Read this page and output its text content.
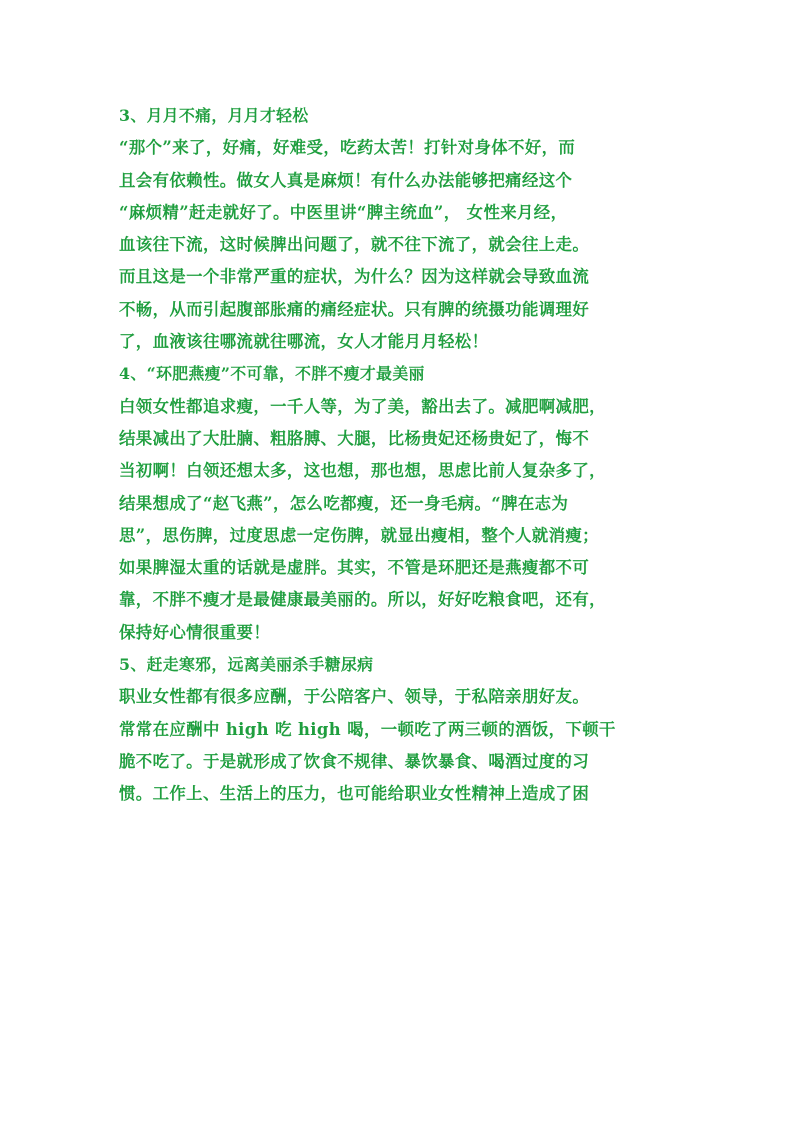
3、月月不痛，月月才轻松
“那个”来了，好痛，好难受，吃药太苦！打针对身体不好，而
且会有依赖性。做女人真是麻烦！有什么办法能够把痛经这个
“麻烦精”赶走就好了。中医里讲“脾主统血”， 女性来月经，
血该往下流，这时候脾出问题了，就不往下流了，就会往上走。
而且这是一个非常严重的症状，为什么？因为这样就会导致血流
不畅，从而引起腹部胀痛的痛经症状。只有脾的统摄功能调理好
了，血液该往哪流就往哪流，女人才能月月轻松！
4、“环肥燕瘦”不可靠，不胖不瘦才最美丽
白领女性都追求瘦，一千人等，为了美，豁出去了。减肥啊减肥，
结果减出了大肚腩、粗胳膊、大腿，比杨贵妃还杨贵妃了，悔不
当初啊！白领还想太多，这也想，那也想，思虑比前人复杂多了，
结果想成了“赵飞燕”，怎么吃都瘦，还一身毛病。“脾在志为
思”，思伤脾，过度思虑一定伤脾，就显出瘦相，整个人就消瘦；
如果脾湿太重的话就是虚胖。其实，不管是环肥还是燕瘦都不可
靠，不胖不瘦才是最健康最美丽的。所以，好好吃粮食吧，还有，
保持好心情很重要！
5、赶走寒邪，远离美丽杀手糖尿病
职业女性都有很多应酬，于公陪客户、领导，于私陪亲朋好友。
常常在应酬中 high 吃 high 喝，一顿吃了两三顿的酒饭，下顿干
脆不吃了。于是就形成了饮食不规律、暴饮暴食、喝酒过度的习
惯。工作上、生活上的压力，也可能给职业女性精神上造成了困
